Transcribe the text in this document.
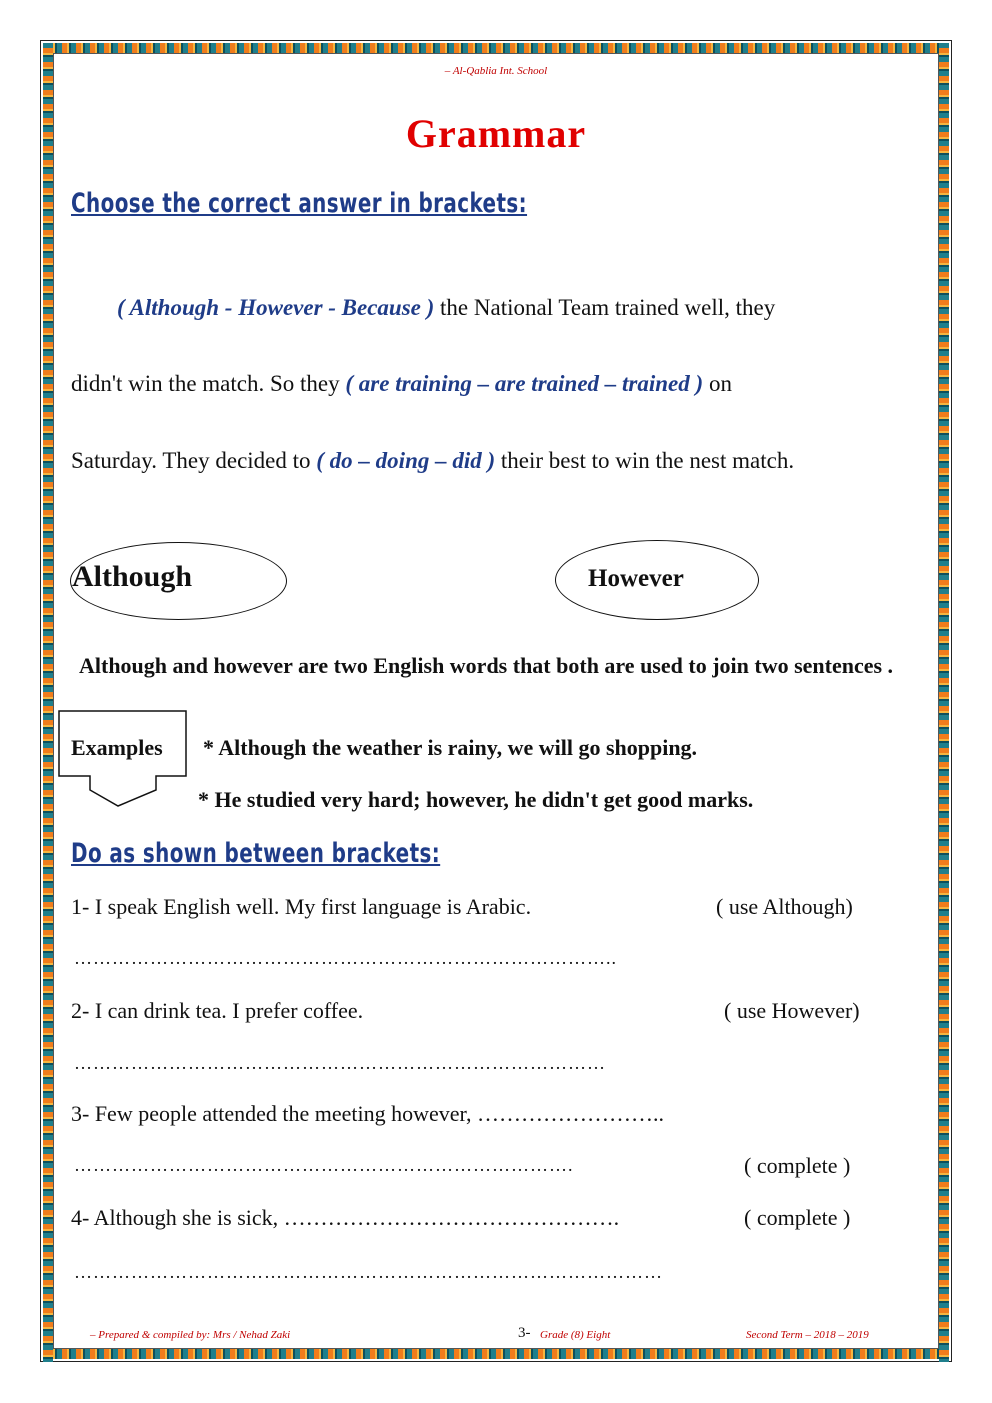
– Al-Qablia Int. School
Grammar
Choose the correct answer in brackets:
( Although - However - Because ) the National Team trained well, they
didn't win the match. So they ( are training – are trained – trained ) on
Saturday. They decided to ( do – doing – did ) their best to win the nest match.
Although	However
Although and however are two English words that both are used to join two sentences .
Examples * Although the weather is rainy, we will go shopping.
* He studied very hard; however, he didn't get good marks.
Do as shown between brackets:
1- I speak English well. My first language is Arabic.	( use Although)
…………………………………………………………………………..
2- I can drink tea. I prefer coffee.	( use However)
…………………………………………………………………………
3- Few people attended the meeting however, ……………………..
…………………………………………………………………….	( complete )
4- Although she is sick, ……………………………………….	( complete )
…………………………………………………………………………………
– Prepared & compiled by: Mrs / Nehad Zaki	3- Grade (8) Eight	Second Term – 2018 – 2019
